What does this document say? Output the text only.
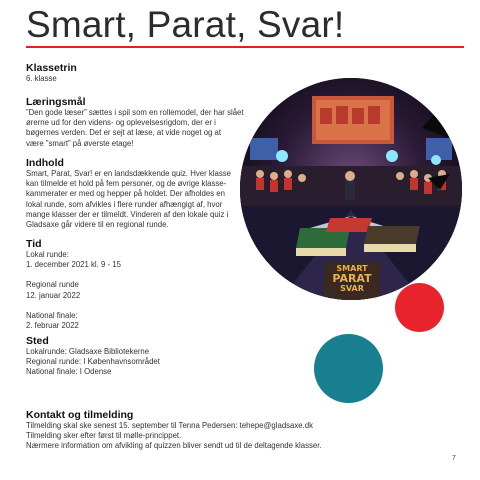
Smart, Parat, Svar!
Klassetrin

6. klasse

Læringsmål

”Den gode læser” sættes i spil som en rollemodel, der har slået

ørerne ud for den videns- og oplevelsesrigdom, der er i

bøgernes verden. Det er sejt at læse, at vide noget og at

være ”smart” på øverste etage!

Indhold

Smart, Parat, Svar! er en landsdækkende quiz. Hver klasse

kan tilmelde et hold på fem personer, og de øvrige klasse-

kammerater er med og hepper på holdet. Der afholdes en

lokal runde, som afvikles i flere runder afhængigt af, hvor

mange klasser der er tilmeldt. Vinderen af den lokale quiz i

Gladsaxe går videre til en regional runde.

Tid

Lokal runde:

1. december 2021 kl. 9 - 15

Regional runde

12. januar 2022

National finale:

2. februar 2022

Sted

Lokalrunde: Gladsaxe Bibliotekerne

Regional runde: I Københavnsområdet

National finale: I Odense

SMART
PARAT
SVAR
Kontakt og tilmelding

Tilmelding skal ske senest 15. september til Tenna Pedersen: tehepe@gladsaxe.dk

Tilmelding sker efter først til mølle-princippet.

Nærmere information om afvikling af quizzen bliver sendt ud til de deltagende klasser.

7
